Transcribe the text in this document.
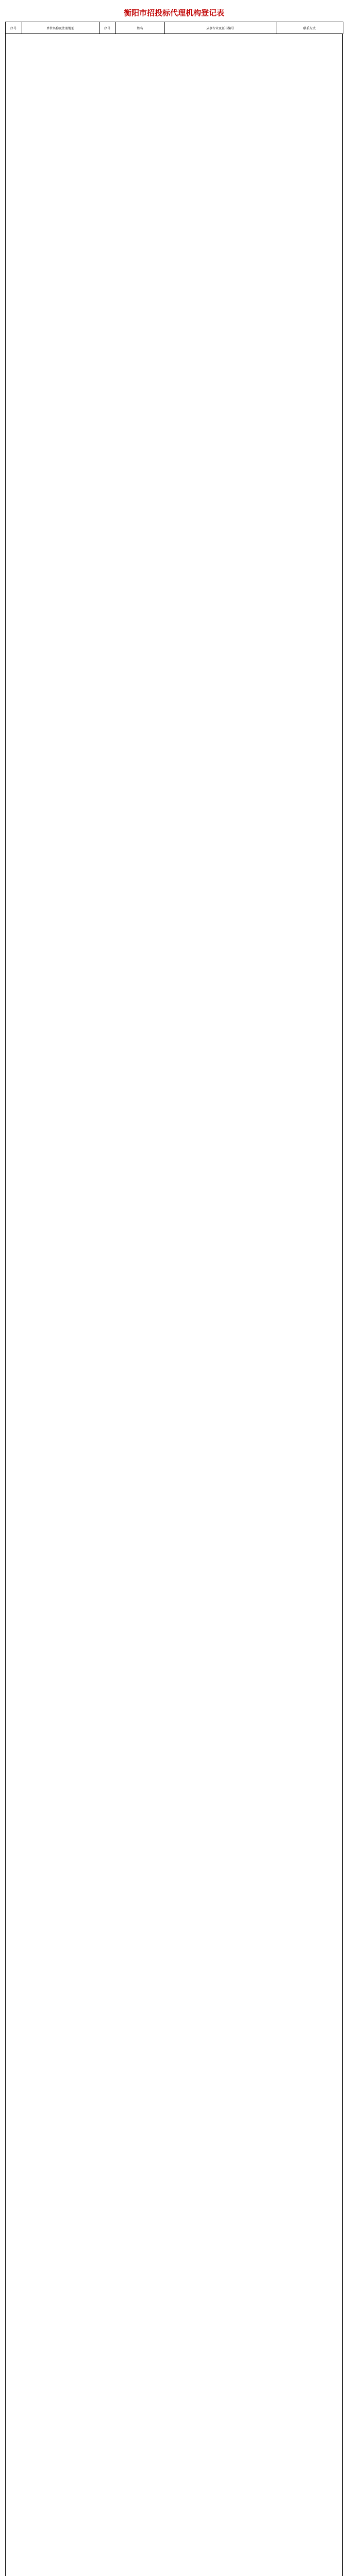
衡阳市招投标代理机构登记表
序号	单位名称及注册地址	序号	姓名	从事专业及证书编号	联系方式
